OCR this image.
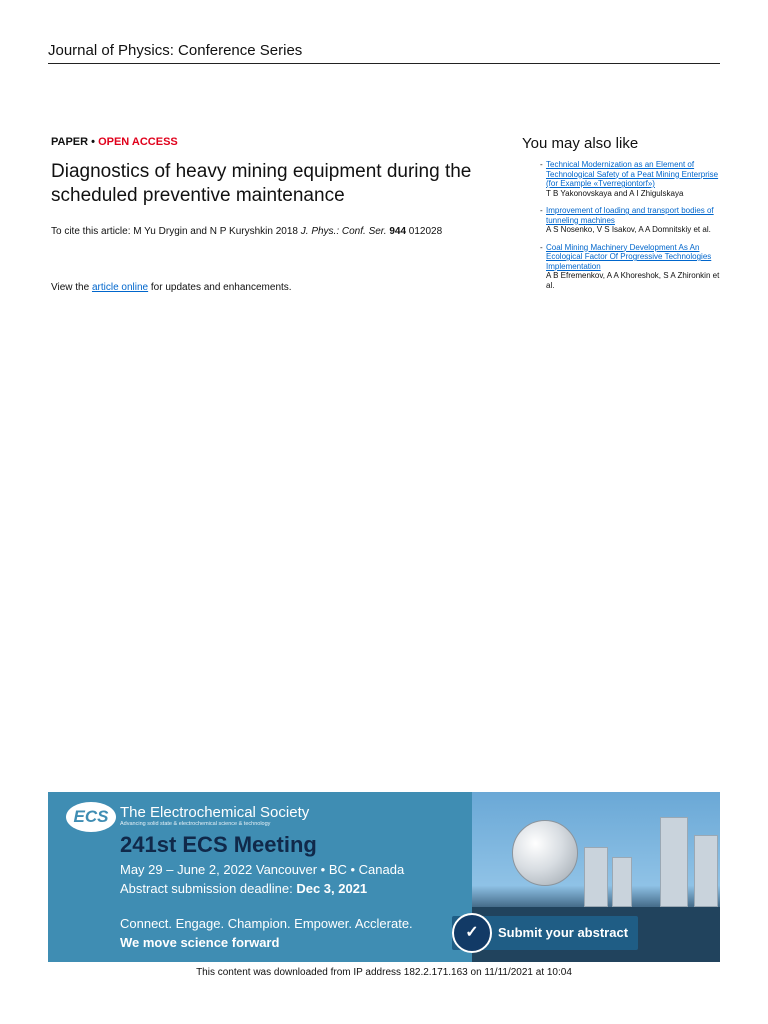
Journal of Physics: Conference Series
PAPER • OPEN ACCESS
Diagnostics of heavy mining equipment during the scheduled preventive maintenance
To cite this article: M Yu Drygin and N P Kuryshkin 2018 J. Phys.: Conf. Ser. 944 012028
View the article online for updates and enhancements.
You may also like
- Technical Modernization as an Element of Technological Safety of a Peat Mining Enterprise (for Example «Tverregiontorf»)
T B Yakonovskaya and A I Zhigulskaya
- Improvement of loading and transport bodies of tunneling machines
A S Nosenko, V S Isakov, A A Domnitskiy et al.
- Coal Mining Machinery Development As An Ecological Factor Of Progressive Technologies Implementation
A B Efremenkov, A A Khoreshok, S A Zhironkin et al.
ECS The Electrochemical Society
Advancing solid state & electrochemical science & technology
241st ECS Meeting
May 29 – June 2, 2022 Vancouver • BC • Canada
Abstract submission deadline: Dec 3, 2021
Connect. Engage. Champion. Empower. Acclerate.
We move science forward
✓	Submit your abstract
This content was downloaded from IP address 182.2.171.163 on 11/11/2021 at 10:04
